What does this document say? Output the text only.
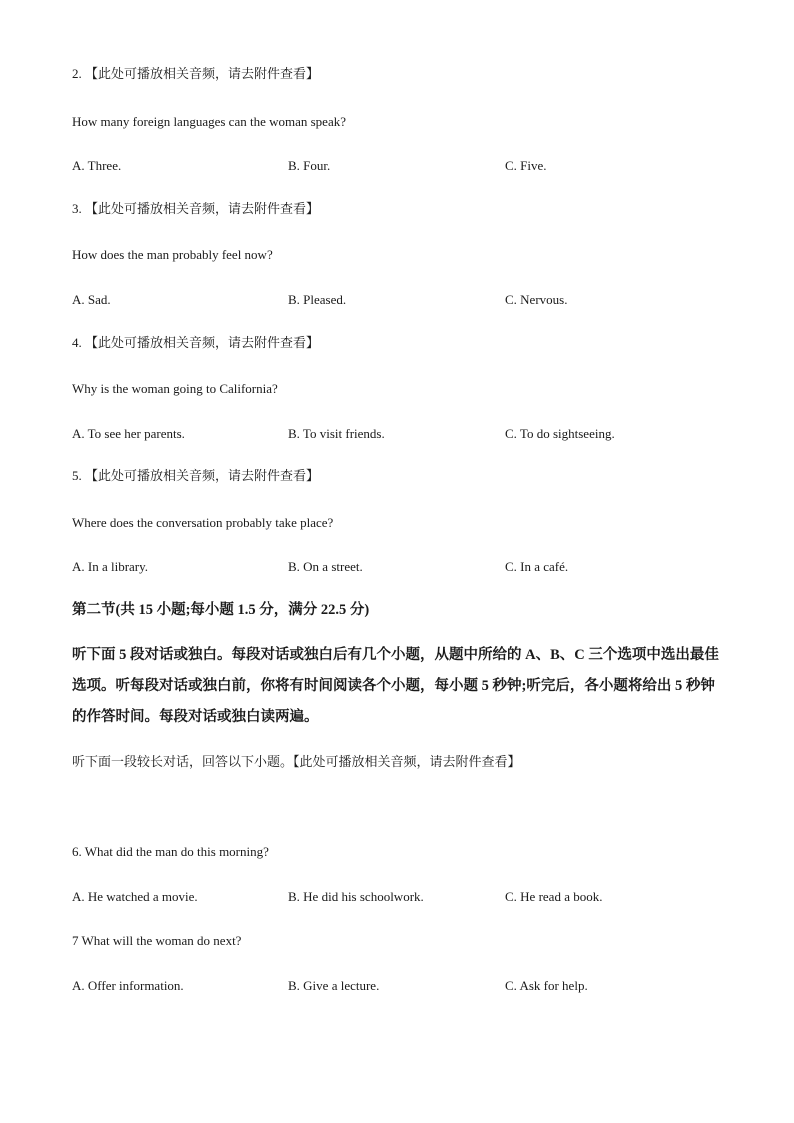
2. 【此处可播放相关音频，请去附件查看】
How many foreign languages can the woman speak?
A. Three.	B. Four.	C. Five.
3. 【此处可播放相关音频，请去附件查看】
How does the man probably feel now?
A. Sad.	B. Pleased.	C. Nervous.
4. 【此处可播放相关音频，请去附件查看】
Why is the woman going to California?
A. To see her parents.	B. To visit friends.	C. To do sightseeing.
5. 【此处可播放相关音频，请去附件查看】
Where does the conversation probably take place?
A. In a library.	B. On a street.	C. In a café.
第二节(共 15 小题;每小题 1.5 分，满分 22.5 分)
听下面 5 段对话或独白。每段对话或独白后有几个小题，从题中所给的 A、B、C 三个选项中选出最佳选项。听每段对话或独白前，你将有时间阅读各个小题，每小题 5 秒钟;听完后，各小题将给出 5 秒钟的作答时间。每段对话或独白读两遍。
听下面一段较长对话，回答以下小题。【此处可播放相关音频，请去附件查看】
6. What did the man do this morning?
A. He watched a movie.	B. He did his schoolwork.	C. He read a book.
7 What will the woman do next?
A. Offer information.	B. Give a lecture.	C. Ask for help.
